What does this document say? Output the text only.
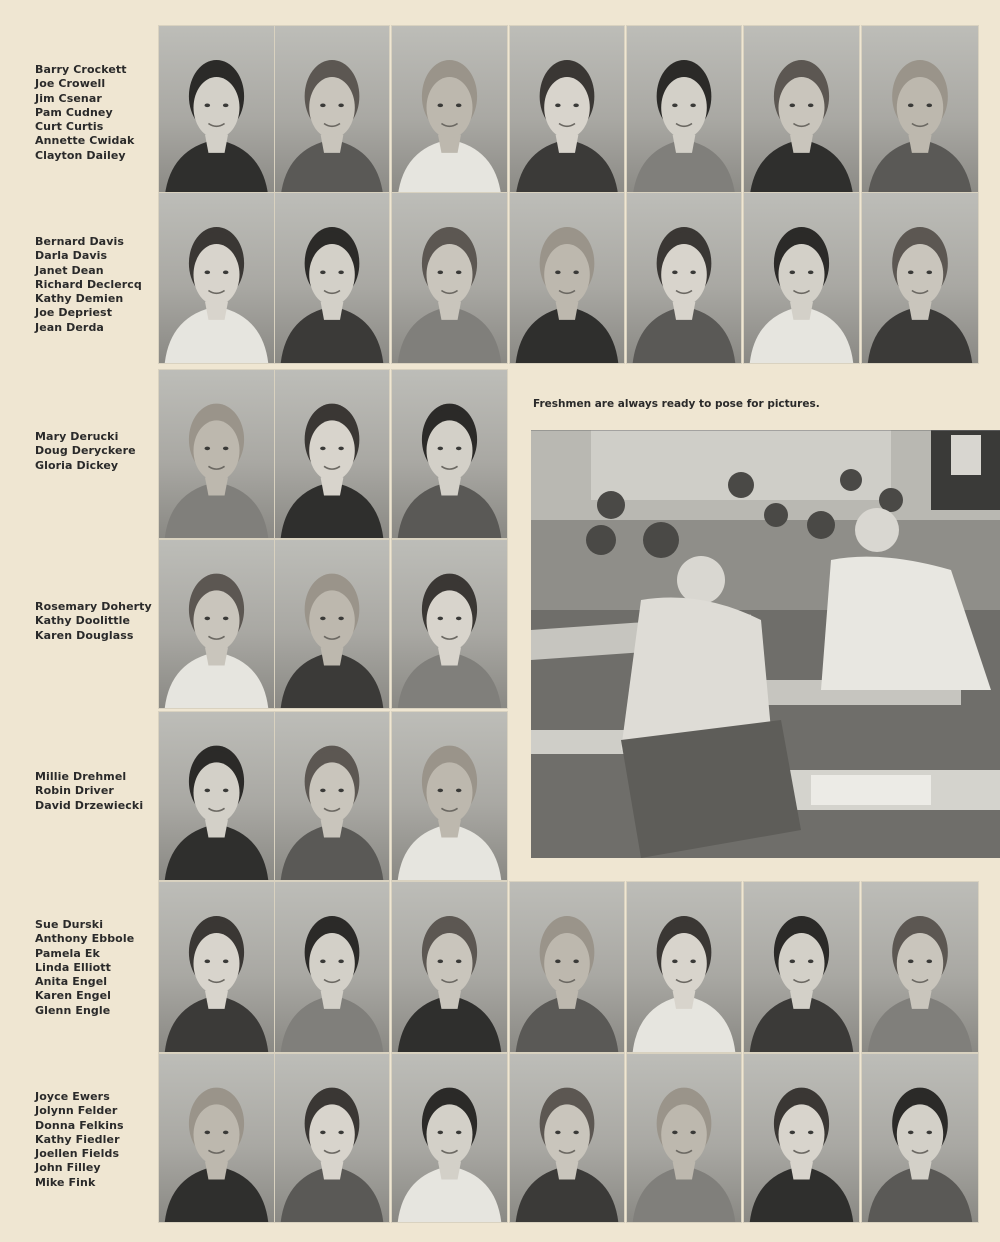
Barry Crockett
Joe Crowell
Jim Csenar
Pam Cudney
Curt Curtis
Annette Cwidak
Clayton Dailey
Bernard Davis
Darla Davis
Janet Dean
Richard Declercq
Kathy Demien
Joe Depriest
Jean Derda
Mary Derucki
Doug Deryckere
Gloria Dickey
Rosemary Doherty
Kathy Doolittle
Karen Douglass
Millie Drehmel
Robin Driver
David Drzewiecki
Sue Durski
Anthony Ebbole
Pamela Ek
Linda Elliott
Anita Engel
Karen Engel
Glenn Engle
Joyce Ewers
Jolynn Felder
Donna Felkins
Kathy Fiedler
Joellen Fields
John Filley
Mike Fink
Freshmen are always ready to pose for pictures.
